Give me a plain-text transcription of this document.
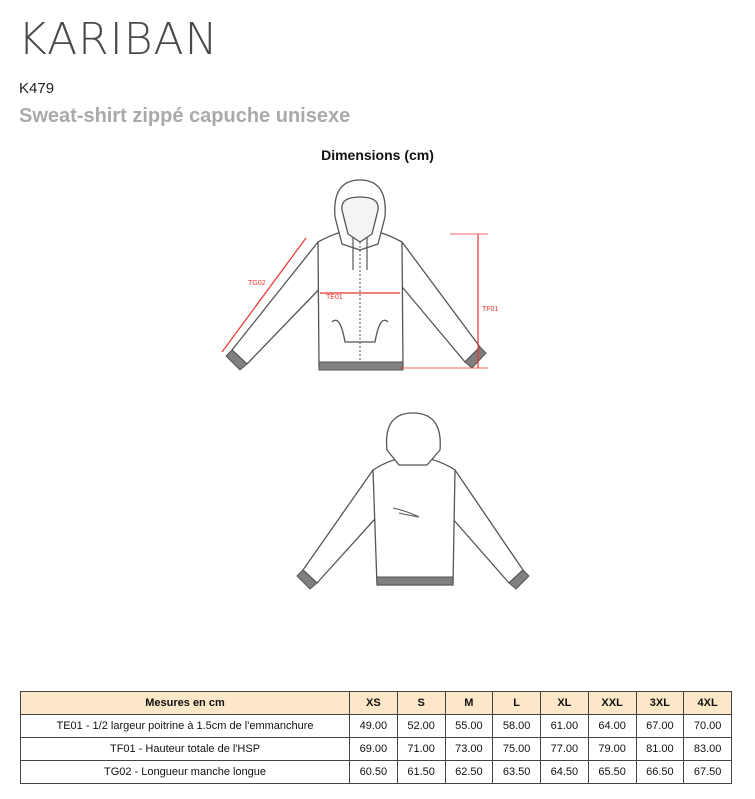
KARIBAN
K479
Sweat-shirt zippé capuche unisexe
Dimensions (cm)
TG02
TE01
TF01
Mesures en cm	XS	S	M	L	XL	XXL	3XL	4XL
TE01 - 1/2 largeur poitrine à 1.5cm de l'emmanchure	49.00	52.00	55.00	58.00	61.00	64.00	67.00	70.00
TF01 - Hauteur totale de l'HSP	69.00	71.00	73.00	75.00	77.00	79.00	81.00	83.00
TG02 - Longueur manche longue	60.50	61.50	62.50	63.50	64.50	65.50	66.50	67.50
